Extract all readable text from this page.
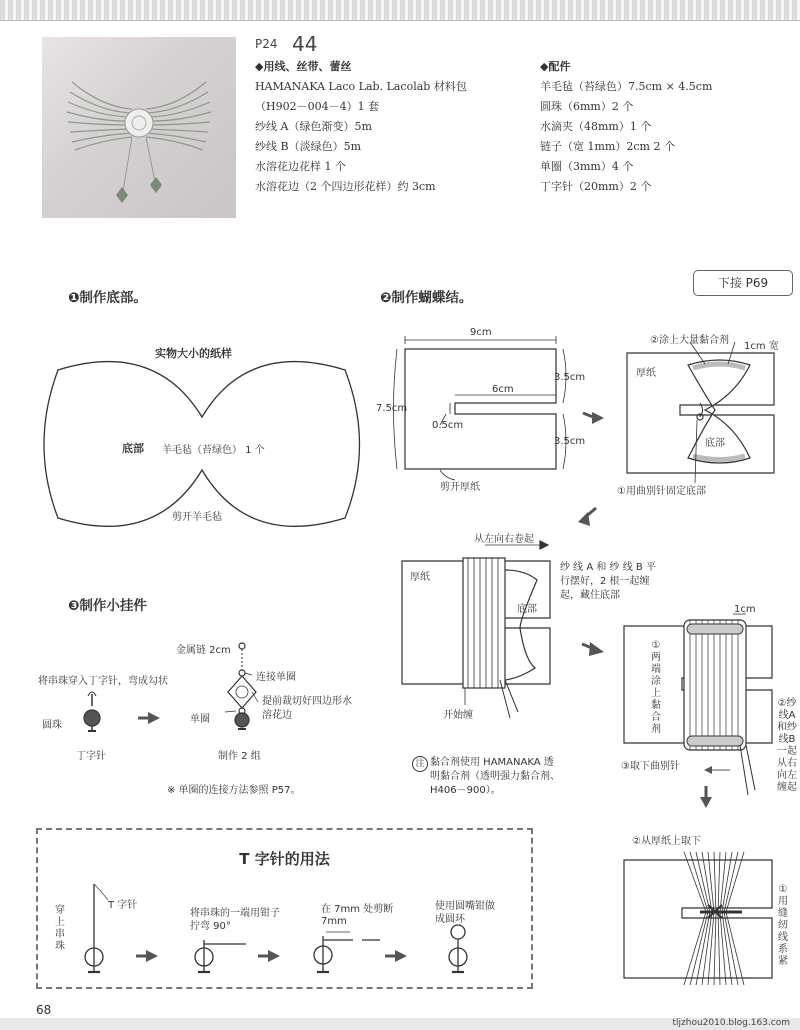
P24 44
◆用线、丝带、蕾丝
HAMANAKA Laco Lab. Lacolab 材料包
（H902－004－4）1 套
纱线 A（绿色渐变）5m
纱线 B（淡绿色）5m
水溶花边花样 1 个
水溶花边（2 个四边形花样）约 3cm
◆配件
羊毛毡（苔绿色）7.5cm × 4.5cm
圆珠（6mm）2 个
水滴夹（48mm）1 个
链子（宽 1mm）2cm 2 个
单圈（3mm）4 个
丁字针（20mm）2 个
❶制作底部。
实物大小的纸样
底部 羊毛毡（苔绿色） 1 个
剪开羊毛毡
❷制作蝴蝶结。
下接 P69
9cm
3.5cm
6cm
7.5cm
0.5cm
3.5cm
剪开厚纸
②涂上大量黏合剂
1cm 宽
厚纸
底部
①用曲别针固定底部
从左向右卷起
厚纸
纱 线 A 和 纱 线 B 平行摆好，2 根一起缠起，藏住底部
底部
开始缠
注 黏合剂使用 HAMANAKA 透明黏合剂（透明强力黏合剂、H406－900）。
1cm
①两端涂上黏合剂
②纱线A和纱线B一起从右向左缠起
③取下曲别针
②从厚纸上取下
①用缝纫线系紧
❸制作小挂件
将串珠穿入丁字针，弯成勾状
圆珠
丁字针
金属链 2cm
连接单圈
单圈
提前裁切好四边形水溶花边
制作 2 组
※ 单圈的连接方法参照 P57。
T 字针的用法
穿上串珠
T 字针
将串珠的一端用钳子拧弯 90°
在 7mm 处剪断
7mm
使用圆嘴钳做成圆环
68
tljzhou2010.blog.163.com
